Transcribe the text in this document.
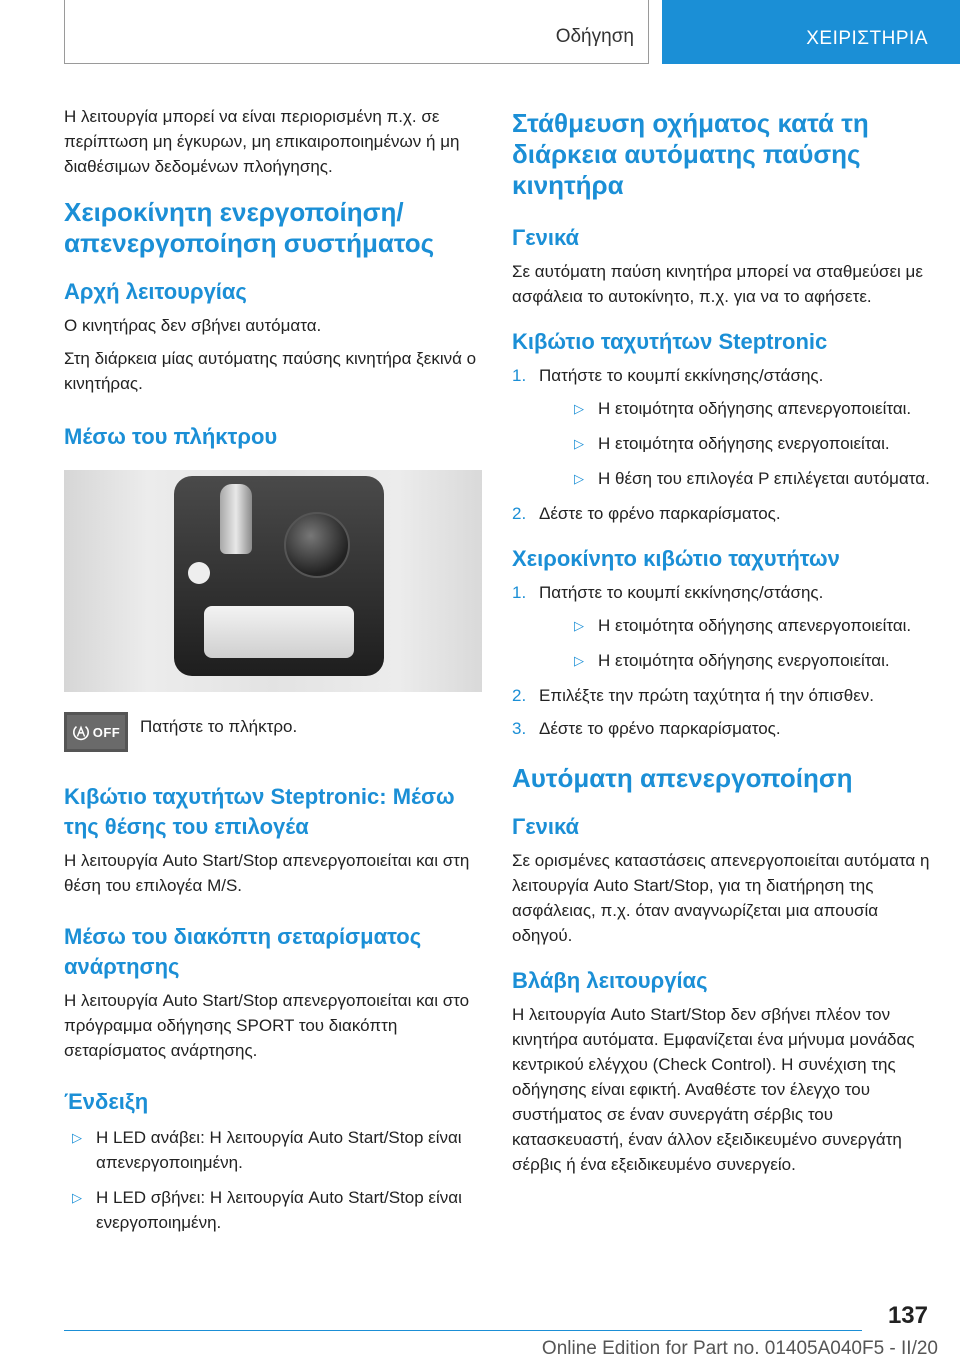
Οδήγηση	ΧΕΙΡΙΣΤΗΡΙΑ

Η λειτουργία μπορεί να είναι περιορισμένη π.χ. σε περίπτωση μη έγκυρων, μη επικαιροποιημένων ή μη διαθέσιμων δεδομένων πλοήγησης.

Χειροκίνητη ενεργοποίηση/ απενεργοποίηση συστήματος
Αρχή λειτουργίας

Ο κινητήρας δεν σβήνει αυτόματα.

Στη διάρκεια μίας αυτόματης παύσης κινητήρα ξεκινά ο κινητήρας.

Μέσω του πλήκτρου
OFF Πατήστε το πλήκτρο.
Κιβώτιο ταχυτήτων Steptronic: Μέσω της θέσης του επιλογέα

Η λειτουργία Auto Start/Stop απενεργοποιείται και στη θέση του επιλογέα M/S.

Μέσω του διακόπτη σεταρίσματος ανάρτησης

Η λειτουργία Auto Start/Stop απενεργοποιείται και στο πρόγραμμα οδήγησης SPORT του διακόπτη σεταρίσματος ανάρτησης.

Ένδειξη
▷ Η LED ανάβει: Η λειτουργία Auto Start/Stop είναι απενεργοποιημένη.
▷ Η LED σβήνει: Η λειτουργία Auto Start/Stop είναι ενεργοποιημένη.
Στάθμευση οχήματος κατά τη διάρκεια αυτόματης παύσης κινητήρα
Γενικά

Σε αυτόματη παύση κινητήρα μπορεί να σταθμεύσει με ασφάλεια το αυτοκίνητο, π.χ. για να το αφήσετε.

Κιβώτιο ταχυτήτων Steptronic
1. Πατήστε το κουμπί εκκίνησης/στάσης.
▷ Η ετοιμότητα οδήγησης απενεργοποιείται.
▷ Η ετοιμότητα οδήγησης ενεργοποιείται.
▷ Η θέση του επιλογέα P επιλέγεται αυτόματα.
2. Δέστε το φρένο παρκαρίσματος.
Χειροκίνητο κιβώτιο ταχυτήτων
1. Πατήστε το κουμπί εκκίνησης/στάσης.
▷ Η ετοιμότητα οδήγησης απενεργοποιείται.
▷ Η ετοιμότητα οδήγησης ενεργοποιείται.
2. Επιλέξτε την πρώτη ταχύτητα ή την όπισθεν.
3. Δέστε το φρένο παρκαρίσματος.
Αυτόματη απενεργοποίηση
Γενικά

Σε ορισμένες καταστάσεις απενεργοποιείται αυτόματα η λειτουργία Auto Start/Stop, για τη διατήρηση της ασφάλειας, π.χ. όταν αναγνωρίζεται μια απουσία οδηγού.

Βλάβη λειτουργίας

Η λειτουργία Auto Start/Stop δεν σβήνει πλέον τον κινητήρα αυτόματα. Εμφανίζεται ένα μήνυμα μονάδας κεντρικού ελέγχου (Check Control). Η συνέχιση της οδήγησης είναι εφικτή. Αναθέστε τον έλεγχο του συστήματος σε έναν συνεργάτη σέρβις του κατασκευαστή, έναν άλλον εξειδικευμένο συνεργάτη σέρβις ή ένα εξειδικευμένο συνεργείο.

137
Online Edition for Part no. 01405A040F5 - II/20
